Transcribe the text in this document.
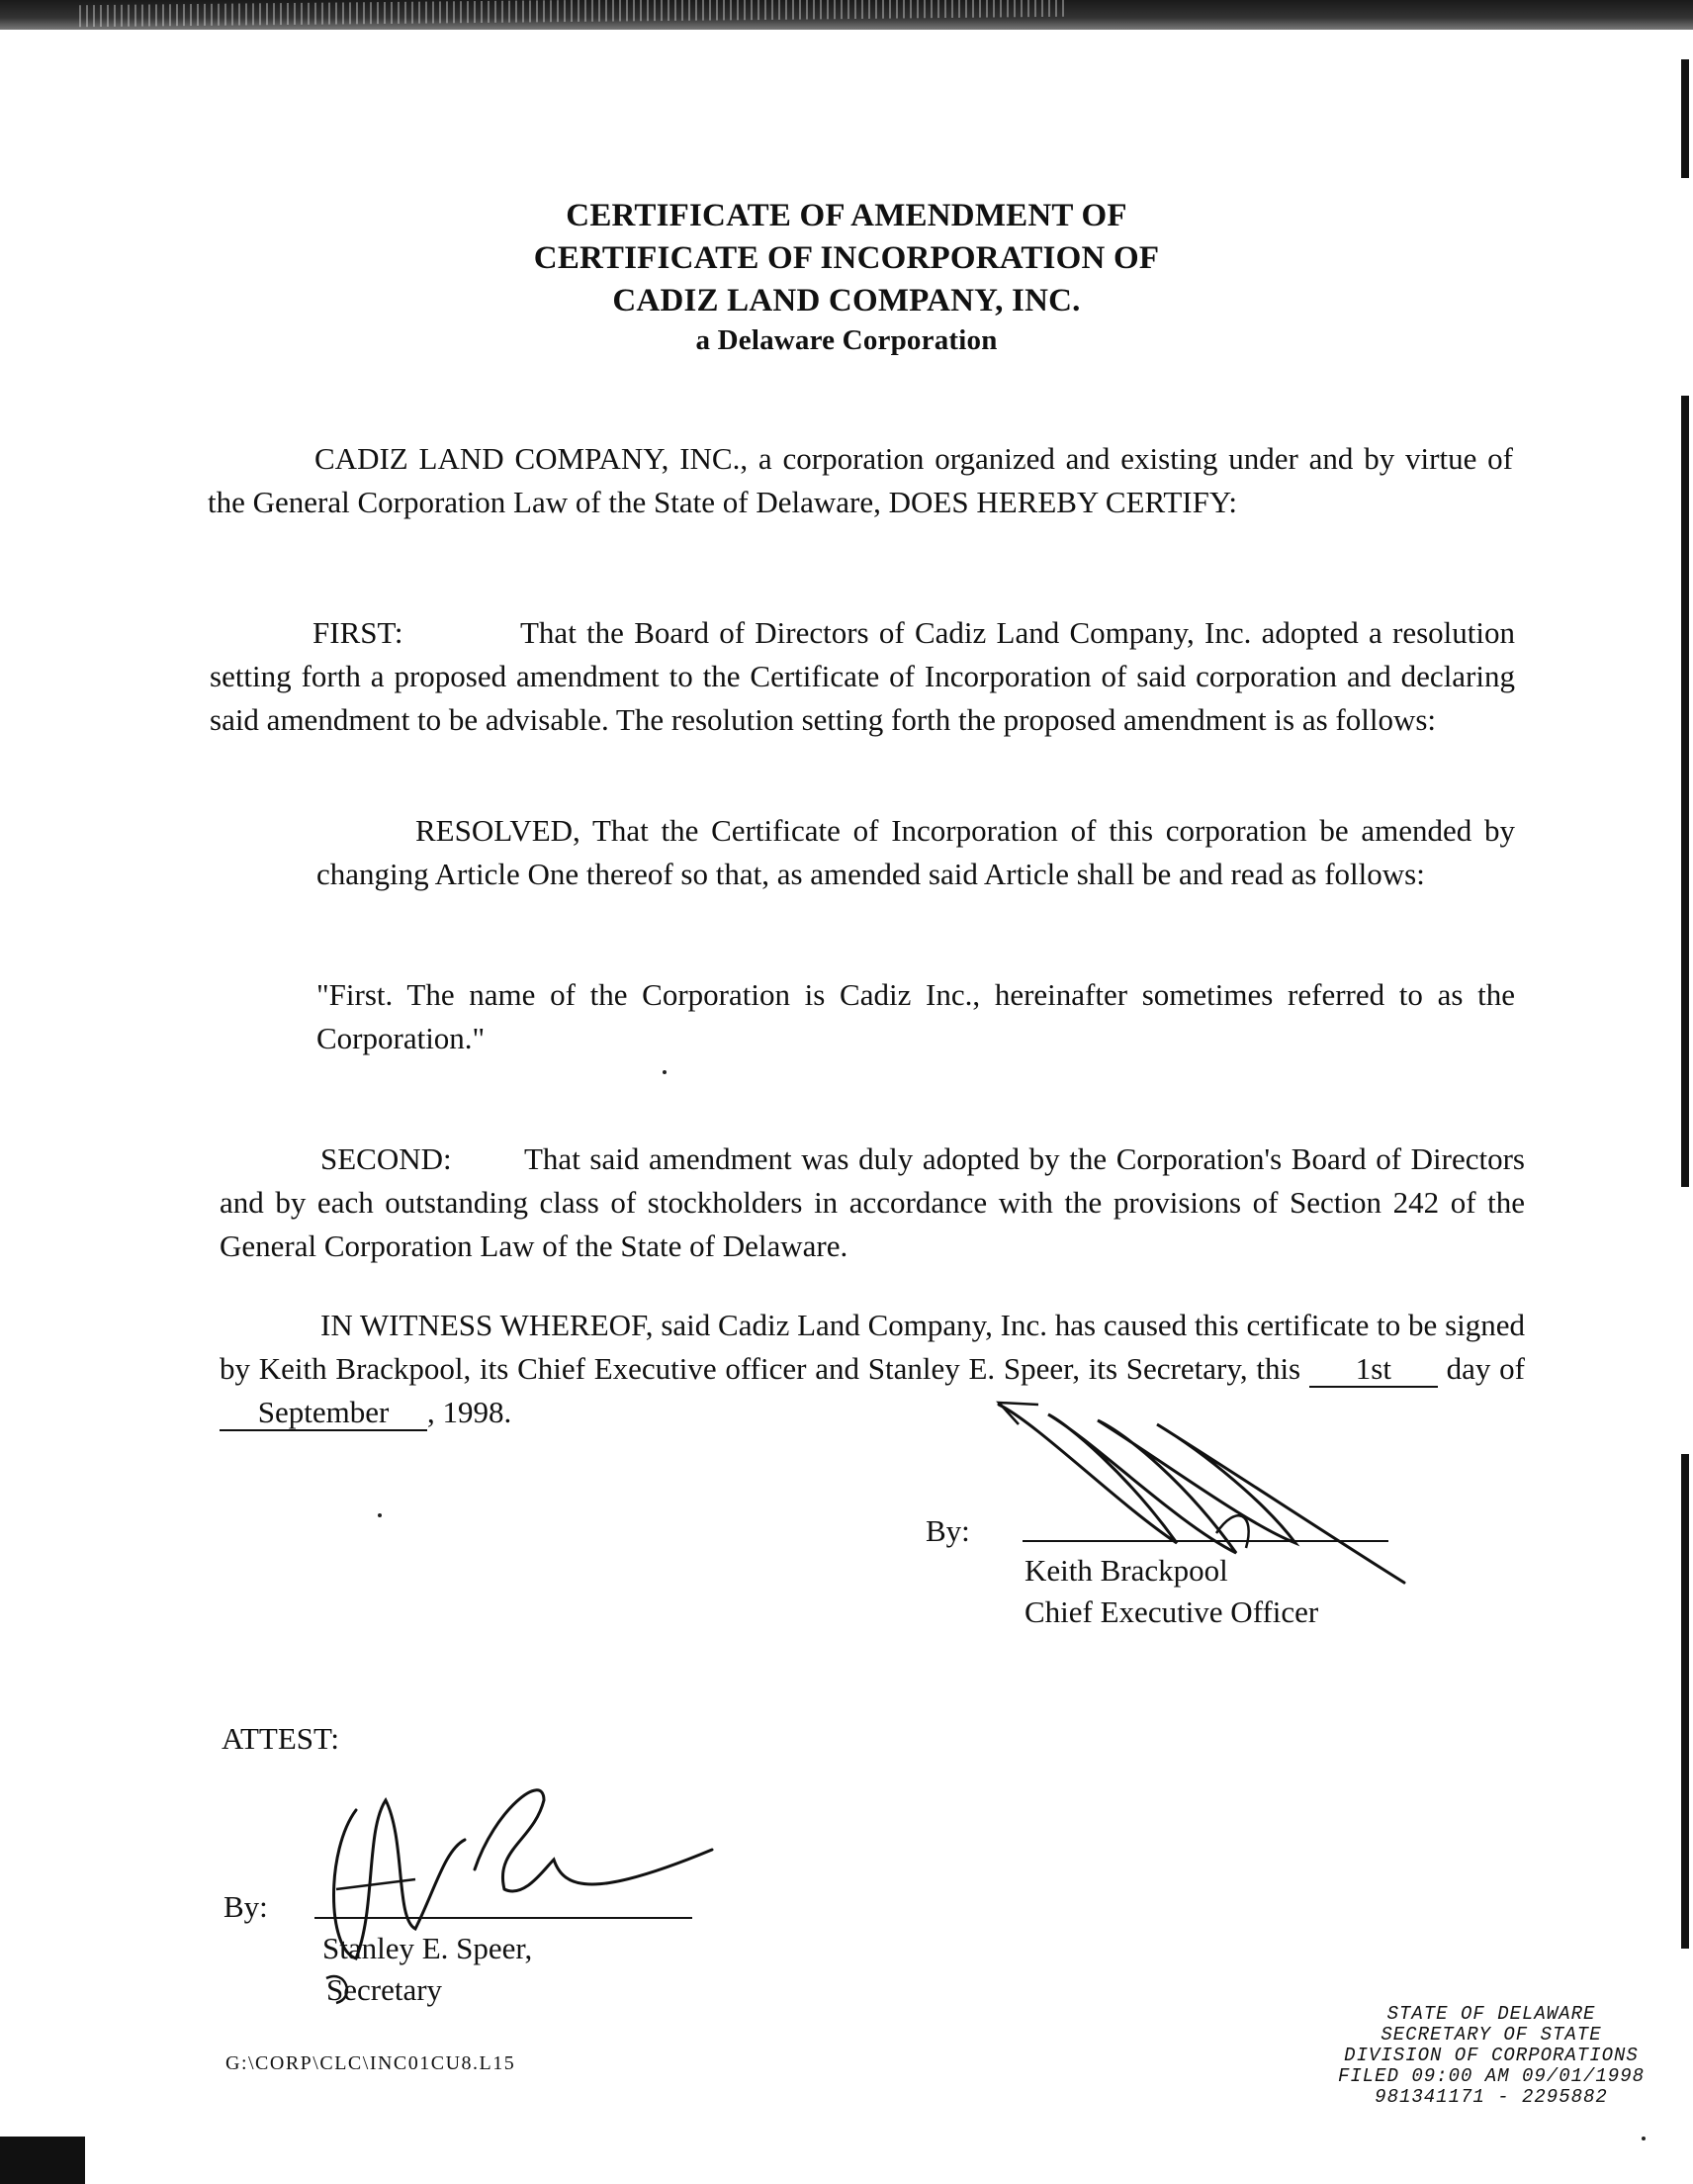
CERTIFICATE OF AMENDMENT OF
CERTIFICATE OF INCORPORATION OF
CADIZ LAND COMPANY, INC.
a Delaware Corporation
CADIZ LAND COMPANY, INC., a corporation organized and existing under and by virtue of the General Corporation Law of the State of Delaware, DOES HEREBY CERTIFY:
FIRST:	That the Board of Directors of Cadiz Land Company, Inc. adopted a resolution setting forth a proposed amendment to the Certificate of Incorporation of said corporation and declaring said amendment to be advisable. The resolution setting forth the proposed amendment is as follows:
RESOLVED, That the Certificate of Incorporation of this corporation be amended by changing Article One thereof so that, as amended said Article shall be and read as follows:
"First. The name of the Corporation is Cadiz Inc., hereinafter sometimes referred to as the Corporation."
SECOND: That said amendment was duly adopted by the Corporation's Board of Directors and by each outstanding class of stockholders in accordance with the provisions of Section 242 of the General Corporation Law of the State of Delaware.
IN WITNESS WHEREOF, said Cadiz Land Company, Inc. has caused this certificate to be signed by Keith Brackpool, its Chief Executive officer and Stanley E. Speer, its Secretary, this 1st day of September , 1998.
By:
Keith Brackpool
Chief Executive Officer
ATTEST:
By:
Stanley E. Speer,
Secretary
G:\CORP\CLC\INC01CU8.L15
STATE OF DELAWARE
SECRETARY OF STATE
DIVISION OF CORPORATIONS
FILED 09:00 AM 09/01/1998
981341171 - 2295882
